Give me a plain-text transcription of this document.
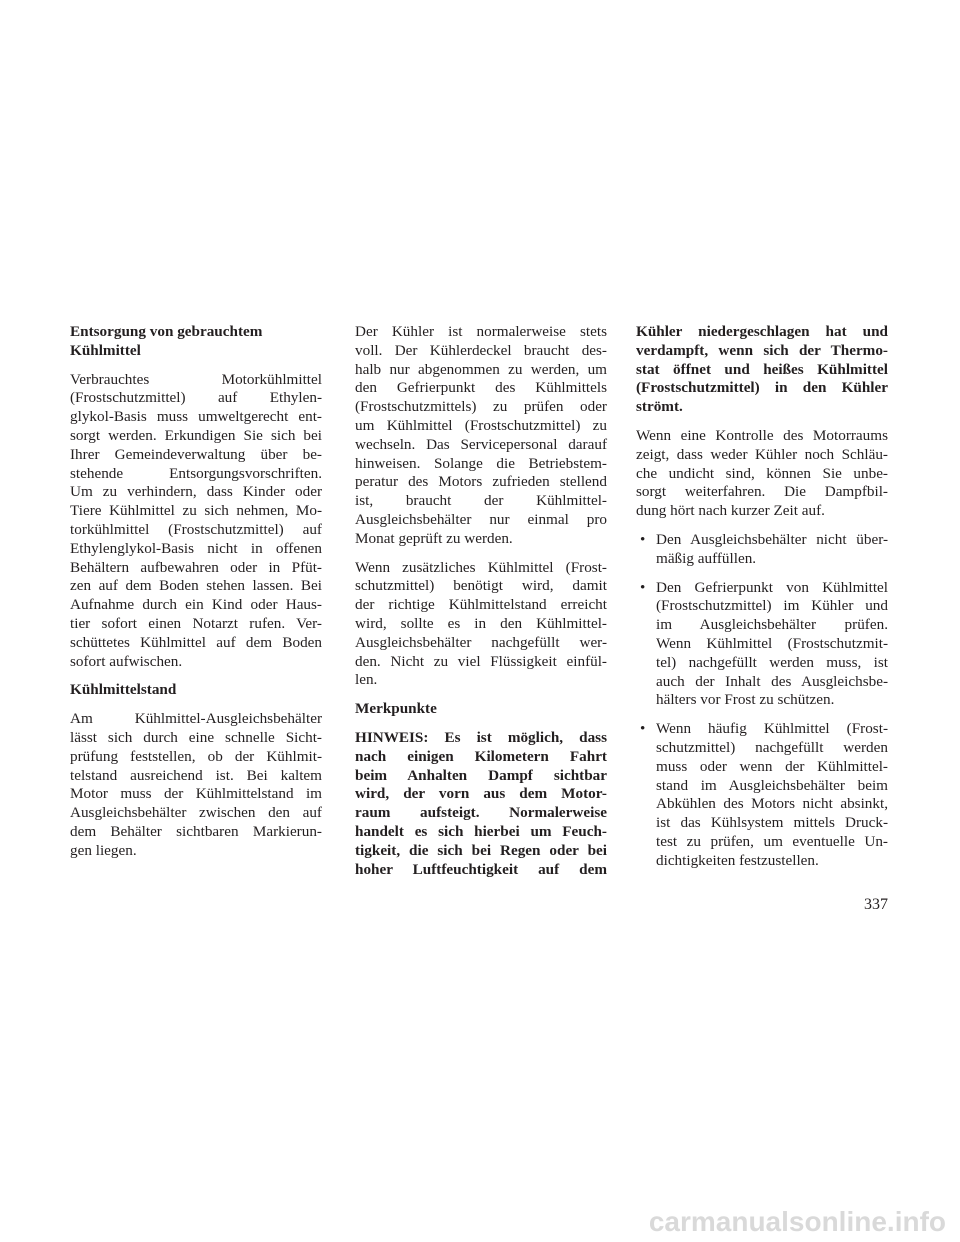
Entsorgung von gebrauchtem Kühlmittel

Verbrauchtes Motorkühlmittel
(Frostschutzmittel) auf Ethylen-
glykol-Basis muss umweltgerecht ent-
sorgt werden. Erkundigen Sie sich bei
Ihrer Gemeindeverwaltung über be-
stehende Entsorgungsvorschriften.
Um zu verhindern, dass Kinder oder
Tiere Kühlmittel zu sich nehmen, Mo-
torkühlmittel (Frostschutzmittel) auf
Ethylenglykol-Basis nicht in offenen
Behältern aufbewahren oder in Pfüt-
zen auf dem Boden stehen lassen. Bei
Aufnahme durch ein Kind oder Haus-
tier sofort einen Notarzt rufen. Ver-
schüttetes Kühlmittel auf dem Boden
sofort aufwischen.

Kühlmittelstand

Am Kühlmittel-Ausgleichsbehälter
lässt sich durch eine schnelle Sicht-
prüfung feststellen, ob der Kühlmit-
telstand ausreichend ist. Bei kaltem
Motor muss der Kühlmittelstand im
Ausgleichsbehälter zwischen den auf
dem Behälter sichtbaren Markierun-
gen liegen.

Der Kühler ist normalerweise stets
voll. Der Kühlerdeckel braucht des-
halb nur abgenommen zu werden, um
den Gefrierpunkt des Kühlmittels
(Frostschutzmittels) zu prüfen oder
um Kühlmittel (Frostschutzmittel) zu
wechseln. Das Servicepersonal darauf
hinweisen. Solange die Betriebstem-
peratur des Motors zufrieden stellend
ist, braucht der Kühlmittel-
Ausgleichsbehälter nur einmal pro
Monat geprüft zu werden.

Wenn zusätzliches Kühlmittel (Frost-
schutzmittel) benötigt wird, damit
der richtige Kühlmittelstand erreicht
wird, sollte es in den Kühlmittel-
Ausgleichsbehälter nachgefüllt wer-
den. Nicht zu viel Flüssigkeit einfül-
len.

Merkpunkte

HINWEIS: Es ist möglich, dass
nach einigen Kilometern Fahrt
beim Anhalten Dampf sichtbar
wird, der vorn aus dem Motor-
raum aufsteigt. Normalerweise
handelt es sich hierbei um Feuch-
tigkeit, die sich bei Regen oder bei
hoher Luftfeuchtigkeit auf dem

Kühler niedergeschlagen hat und
verdampft, wenn sich der Thermo-
stat öffnet und heißes Kühlmittel
(Frostschutzmittel) in den Kühler
strömt.

Wenn eine Kontrolle des Motorraums
zeigt, dass weder Kühler noch Schläu-
che undicht sind, können Sie unbe-
sorgt weiterfahren. Die Dampfbil-
dung hört nach kurzer Zeit auf.

• Den Ausgleichsbehälter nicht über-
mäßig auffüllen.
• Den Gefrierpunkt von Kühlmittel
(Frostschutzmittel) im Kühler und
im Ausgleichsbehälter prüfen.
Wenn Kühlmittel (Frostschutzmit-
tel) nachgefüllt werden muss, ist
auch der Inhalt des Ausgleichsbe-
hälters vor Frost zu schützen.
• Wenn häufig Kühlmittel (Frost-
schutzmittel) nachgefüllt werden
muss oder wenn der Kühlmittel-
stand im Ausgleichsbehälter beim
Abkühlen des Motors nicht absinkt,
ist das Kühlsystem mittels Druck-
test zu prüfen, um eventuelle Un-
dichtigkeiten festzustellen.
337
carmanualsonline.info
